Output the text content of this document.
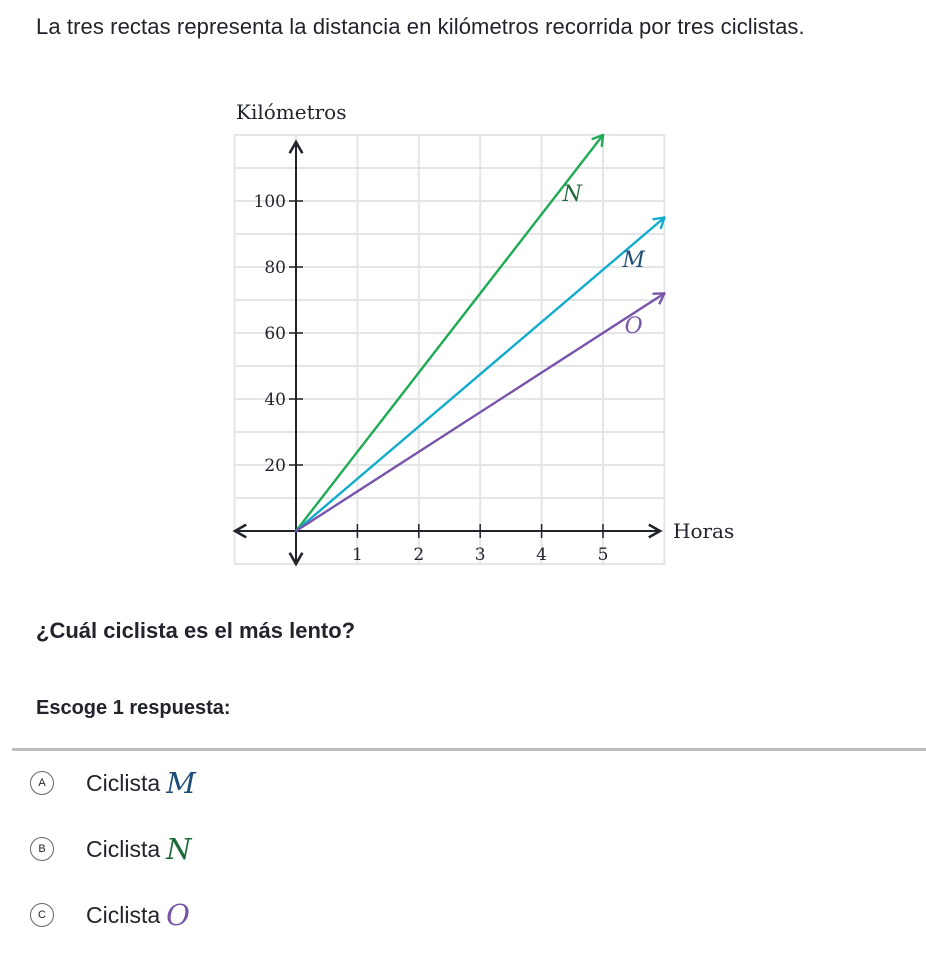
La tres rectas representa la distancia en kilómetros recorrida por tres ciclistas.
1	2	3	4	5
20
40
60
80
100	N
M
O
Kilómetros
Horas
¿Cuál ciclista es el más lento?
Escoge 1 respuesta:
A	Ciclista M
B	Ciclista N
C	Ciclista O
